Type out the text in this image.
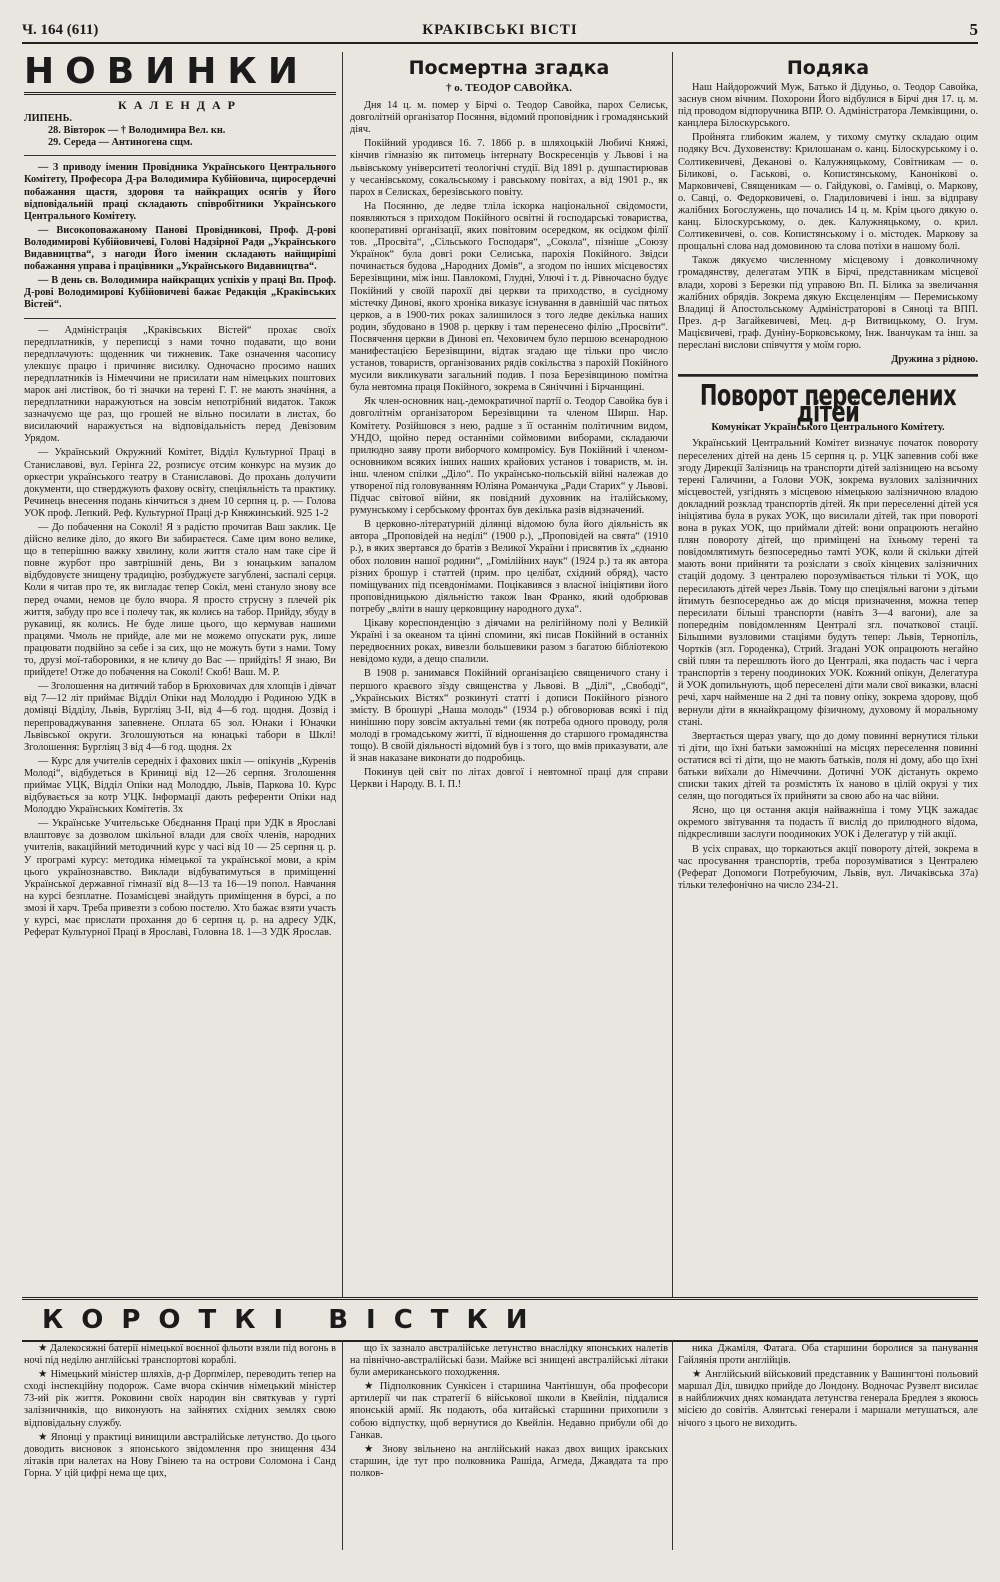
Ч. 164 (611)	КРАКІВСЬКІ ВІСТІ	5
НОВИНКИ
КАЛЕНДАР

ЛИПЕНЬ.

28. Вівторок — † Володимира Вел. кн.

29. Середа — Антиногена сщм.

— З приводу іменин Провідника Українського Центрального Комітету, Професора Д-ра Володимира Кубійовича, щиросердечні побажання щастя, здоровя та найкращих осягів у Його відповідальній праці складають співробітники Українського Центрального Комітету.

— Високоповажаному Панові Провідникові, Проф. Д-рові Володимирові Кубійовичеві, Голові Надзірної Ради „Українського Видавництва“, з нагоди Його іменин складають найщиріші побажання управа і працівники „Українського Видавництва“.

— В день св. Володимира найкращих успіхів у праці Вп. Проф. Д-рові Володимирові Кубійовичеві бажає Редакція „Краківських Вістей“.

— Адміністрація „Краківських Вістей“ прохає своїх передплатників, у переписці з нами точно подавати, що вони передплачують: щоденник чи тижневик. Таке означення часопису улекшує працю і причиняє висилку. Одночасно просимо наших передплатників із Німеччини не присилати нам німецьких поштових марок ані листівок, бо ті значки на терені Г. Г. не мають значіння, а передплатники наражуються на зовсім непотрібний видаток. Також зазначуємо ще раз, що грошей не вільно посилати в листах, бо висилаючий наражується на відповідальність перед Девізовим Урядом.

— Український Окружний Комітет, Відділ Культурної Праці в Станиславові, вул. Герінга 22, розписує отсим конкурс на музик до оркестри українського театру в Станиславові. До прохань долучити документи, що стверджують фахову освіту, спеціяльність та практику. Речинець внесення подань кінчиться з днем 10 серпня ц. р. — Голова УОК проф. Лепкий. Реф. Культурної Праці д-р Княжинський. 925 1-2

— До побачення на Соколі! Я з радістю прочитав Ваш заклик. Це дійсно велике діло, до якого Ви забираєтеся. Саме цим воно велике, що в теперішню важку хвилину, коли життя стало нам таке сіре й повне журбот про завтрішній день, Ви з юнацьким запалом відбудовуєте знищену традицію, розбуджуєте загублені, заспалі серця. Коли я читав про те, як вигладає тепер Сокіл, мені стануло знову все перед очами, немов це було вчора. Я просто струсну з плечей рік життя, забуду про все і полечу так, як колись на табор. Прийду, збуду в рукавиці, як колись. Не буде лише цього, що кермував нашими працями. Чмоль не прийде, але ми не можемо опускати рук, лише працювати подвійно за себе і за сих, що не можуть бути з нами. Тому то, друзі мої-таборовики, я не кличу до Вас — прийдіть! Я знаю, Ви прийдете! Отже до побачення на Соколі! Скоб! Ваш. М. Р.

— Зголошення на дитячий табор в Брюховичах для хлопців і дівчат від 7—12 літ приймає Відділ Опіки над Молоддю і Родиною УДК в домівці Відділу, Львів, Бургліяц 3-II, від 4—6 год. щодня. Дозвід і перепроваджування запевнене. Оплата 65 зол. Юнаки і Юначки Львівської округи. Зголошуються на юнацькі табори в Шклі! Зголошення: Бургліяц 3 від 4—6 год. щодня. 2х

— Курс для учителів середніх і фахових шкіл — опікунів „Куренів Молоді“, відбудеться в Криниці від 12—26 серпня. Зголошення приймає УЦК, Відділ Опіки над Молоддю, Львів, Паркова 10. Курс відбувається за котр УЦК. Інформації дають референти Опіки над Молоддю Українських Комітетів. 3х

— Українське Учительське Обєднання Праці при УДК в Ярославі влаштовує за дозволом шкільної влади для своїх членів, народних учителів, вакаційний методичний курс у часі від 10 — 25 серпня ц. р. У програмі курсу: методика німецької та української мови, а крім цього українознавство. Виклади відбуватимуться в приміщенні Української державної гімназії від 8—13 та 16—19 попол. Навчання на курсі безплатне. Позамісцеві знайдуть приміщення в бурсі, а по змозі й харч. Треба привезти з собою постелю. Хто бажає взяти участь у курсі, має прислати прохання до 6 серпня ц. р. на адресу УДК, Реферат Культурної Праці в Ярославі, Головна 18. 1—3 УДК Ярослав.

Посмертна згадка
† о. ТЕОДОР САВОЙКА.

Дня 14 ц. м. помер у Бірчі о. Теодор Савойка, парох Селиськ, довголітній організатор Посяння, відомий проповідник і громадянський діяч.

Покійний уродився 16. 7. 1866 р. в шляхоцькій Любичі Княжі, кінчив гімназію як питомець інтернату Воскресенців у Львові і на львівському університеті теологічні студії. Від 1891 р. душпастирював у чесанівському, сокальському і равському повітах, а від 1901 р., як парох в Селисках, березівського повіту.

На Посянню, де ледве тліла іскорка національної свідомости, появляються з приходом Покійного освітні й господарські товариства, кооперативні організації, яких повітовим осередком, як осідком філії тов. „Просвіта“, „Сільського Господаря“, „Сокола“, пізніше „Союзу Українок“ була довгі роки Селиська, парохія Покійного. Звідси починається будова „Народних Домів“, а згодом по інших місцевостях Березівщини, між інш. Павлокомі, Глудні, Улючі і т. д. Рівночасно будує Покійний у своїй парохії дві церкви та приходство, в сусідному містечку Динові, якого хроніка виказує існування в давнішій час пятьох церков, а в 1900-тих роках залишилося з того ледве декілька наших родин, збудовано в 1908 р. церкву і там перенесено філію „Просвіти“. Посвячення церкви в Динові еп. Чеховичем було першою всенародною манифестацією Березівщини, відтак згадаю ще тільки про число установ, товариств, організованих рядів сокільства з парохій Покійного мусили викликувати загальний подив. І поза Березівщиною помітна була невтомна праця Покійного, зокрема в Сяніччині і Бірчанщині.

Як член-основник нац.-демократичної партії о. Теодор Савойка був і довголітнім організатором Березівщини та членом Ширш. Нар. Комітету. Розійшовся з нею, радше з її останнім політичним видом, УНДО, щойно перед останніми соймовими виборами, складаючи прилюдно заяву проти виборчого компромісу. Був Покійний і членом-основником всяких інших наших крайових установ і товариств, м. ін. інш. членом спілки „Діло“. По українсько-польській війні належав до утвореної під головуванням Юліяна Романчука „Ради Старих“ у Львові. Підчас світової війни, як повідний духовник на італійському, румунському і сербському фронтах був декілька разів відзначений.

В церковно-літературній ділянці відомою була його діяльність як автора „Проповідей на неділі“ (1900 р.), „Проповідей на свята“ (1910 р.), в яких звертався до братів з Великої України і присвятив їх „єднаню обох половин нашої родини“, „Гомілійних наук“ (1924 р.) та як автора різних брошур і статтей (прим. про целібат, східний обряд), часто поміщуваних під псевдонімами. Поцікавився з власної ініціятиви його проповідницькою діяльністю також Іван Франко, який одобрював потребу „вліти в нашу церковщину народного духа“.

Цікаву кореспонденцію з діячами на релігійному полі у Великій Україні і за океаном та цінні спомини, які писав Покійний в останніх передвоєнних роках, вивезли большевики разом з багатою бібліотекою невідомо куди, а дещо спалили.

В 1908 р. занимався Покійний організацією священичого стану і першого краєвого зїзду священства у Львові. В „Ділі“, „Свободі“, „Українських Вістях“ розкинуті статті і дописи Покійного різного змісту. В брошурі „Наша молодь“ (1934 р.) обговорював всякі і під нинішню пору зовсім актуальні теми (як потреба одного проводу, роля молоді в громадському житті, її відношення до старшого громадянства тощо). В своїй діяльності відомий був і з того, що вмів приказувати, але й знав наказане виконати до подробиць.

Покинув цей світ по літах довгої і невтомної праці для справи Церкви і Народу. В. І. П.!

Подяка

Наш Найдорожчий Муж, Батько й Дідуньо, о. Теодор Савойка, заснув сном вічним. Похорони Його відбулися в Бірчі дня 17. ц. м. під проводом відпоручника ВПР. О. Адміністратора Лемківщини, о. канцлера Білоскурського.

Пройнята глибоким жалем, у тихому смутку складаю оцим подяку Всч. Духовенству: Крилошанам о. канц. Білоскурському і о. Солтикевичеві, Деканові о. Калужняцькому, Совітникам — о. Біликові, о. Гаськові, о. Копистянському, Канонікові о. Марковичеві, Священикам — о. Гайдукові, о. Гамівці, о. Маркову, о. Савці, о. Федорковичеві, о. Гладиловичеві і інш. за відправу жалібних Богослужень, що почались 14 ц. м. Крім цього дякую о. канц. Білоскурському, о. дек. Калужняцькому, о. крил. Солтикевичеві, о. сов. Копистянському і о. містодек. Маркову за прощальні слова над домовиною та слова потіхи в нашому болі.

Також дякуємо численному місцевому і довколичному громадянству, делегатам УПК в Бірчі, представникам місцевої влади, хорові з Березки під управою Вп. П. Білика за звеличання жалібних обрядів. Зокрема дякую Ексцеленціям — Перемиському Владиці й Апостольському Адміністраторові в Сяноці та ВПП. През. д-р Загайкевичеві, Мец. д-р Витвицькому, О. Ігум. Мацієвичеві, граф. Дуніну-Борковському, Інж. Іванчукам та інш. за переслані вислови співчуття у моїм горю.

Дружина з рідною.

Поворот переселених дітей
Комунікат Українського Центрального Комітету.

Український Центральний Комітет визначує початок повороту переселених дітей на день 15 серпня ц. р. УЦК запевнив собі вже згоду Дирекції Залізниць на транспорти дітей залізницею на всьому терені Галичини, а Голови УОК, зокрема вузлових залізничних місцевостей, узгіднять з місцевою німецькою залізничною владою докладний розклад транспортів дітей. Як при переселенні дітей уся ініціятива була в руках УОК, що висилали дітей, так при повороті вона в руках УОК, що приймали дітей: вони опрацюють негайно плян повороту дітей, що приміщені на їхньому терені та повідомлятимуть безпосередньо тамті УОК, коли й скільки дітей мають вони прийняти та розіслати з своїх кінцевих залізничних стацій додому. З централею порозумівається тільки ті УОК, що пересилають дітей через Львів. Тому що спеціяльні вагони з дітьми йтимуть безпосередньо аж до місця призначення, можна тепер пересилати більші транспорти (навіть 3—4 вагони), але за попереднім повідомленням Централі згл. початкової стації. Більшими вузловими стаціями будуть тепер: Львів, Тернопіль, Чортків (згл. Городенка), Стрий. Згадані УОК опрацюють негайно свій плян та перешлють його до Централі, яка подасть час і черга транспортів з терену поодиноких УОК. Кожний опікун, Делегатура й УОК допильнують, щоб переселені діти мали свої виказки, власні речі, харч найменше на 2 дні та повну опіку, зокрема здорову, щоб вернули діти в якнайкращому фізичному, духовому й моральному стані.

Звертається щераз увагу, що до дому повинні вернутися тільки ті діти, що їхні батьки заможніші на місцях переселення повинні остатися всі ті діти, що не мають батьків, поля ні дому, або що їхні батьки виїхали до Німеччини. Дотичні УОК дістануть окремо списки таких дітей та розмістять їх наново в цілій окрузі у тих селян, що погодяться їх прийняти за свою або на час війни.

Ясно, що ця остання акція найважніша і тому УЦК зажадає окремого звітування та подасть її вислід до прилюдного відома, підкресливши заслуги поодиноких УОК і Делегатур у тій акції.

В усіх справах, що торкаються акції повороту дітей, зокрема в час просування транспортів, треба порозуміватися з Централею (Реферат Допомоги Потребуючим, Львів, вул. Личаківська 37а) тільки телефонічно на число 234-21.

КОРОТКІ ВІСТКИ

★ Далекосяжні батерії німецької воєнної фльоти взяли під вогонь в ночі під неділю англійські транспортові кораблі.

★ Німецький міністер шляхів, д-р Дорпмілер, переводить тепер на сході інспекційну подорож. Саме вчора скінчив німецький міністер 73-ий рік життя. Роковини своїх народин він святкував у гурті залізничників, що виконують на зайнятих східних землях свою відповідальну службу.

★ Японці у практиці винищили австралійське летунство. До цього доводить висновок з японського звідомлення про знищення 434 літаків при налетах на Нову Гвінею та на острови Соломона і Санд Горна. У цій цифрі нема ще цих,

що їх зазнало австралійське летунство внаслідку японських налетів на північно-австралійські бази. Майже всі знищені австралійські літаки були американського походження.

★ Підполковник Сункісен і старшина Чантіншун, оба професори артилерії чи пак стратегії 6 військової школи в Квейлін, піддалися японській армії. Як подають, оба китайські старшини прихопили з собою відпустку, щоб вернутися до Квейлін. Недавно прибули обі до Ганкав.

★ Знову звільнено на англійський наказ двох вищих іракських старшин, іде тут про полковника Рашіда, Агмеда, Джавдата та про полков-

ника Джаміля, Фатага. Оба старшини боролися за панування Гайлянія проти англійців.

★ Англійський військовий представник у Вашингтоні польовий маршал Діл, швидко прийде до Лондону. Водночас Рузвелт висилає в найближчих днях командата летунства генерала Бредлея з якоюсь місією до совітів. Алянтські генерали і маршали метушаться, але нічого з цього не виходить.
